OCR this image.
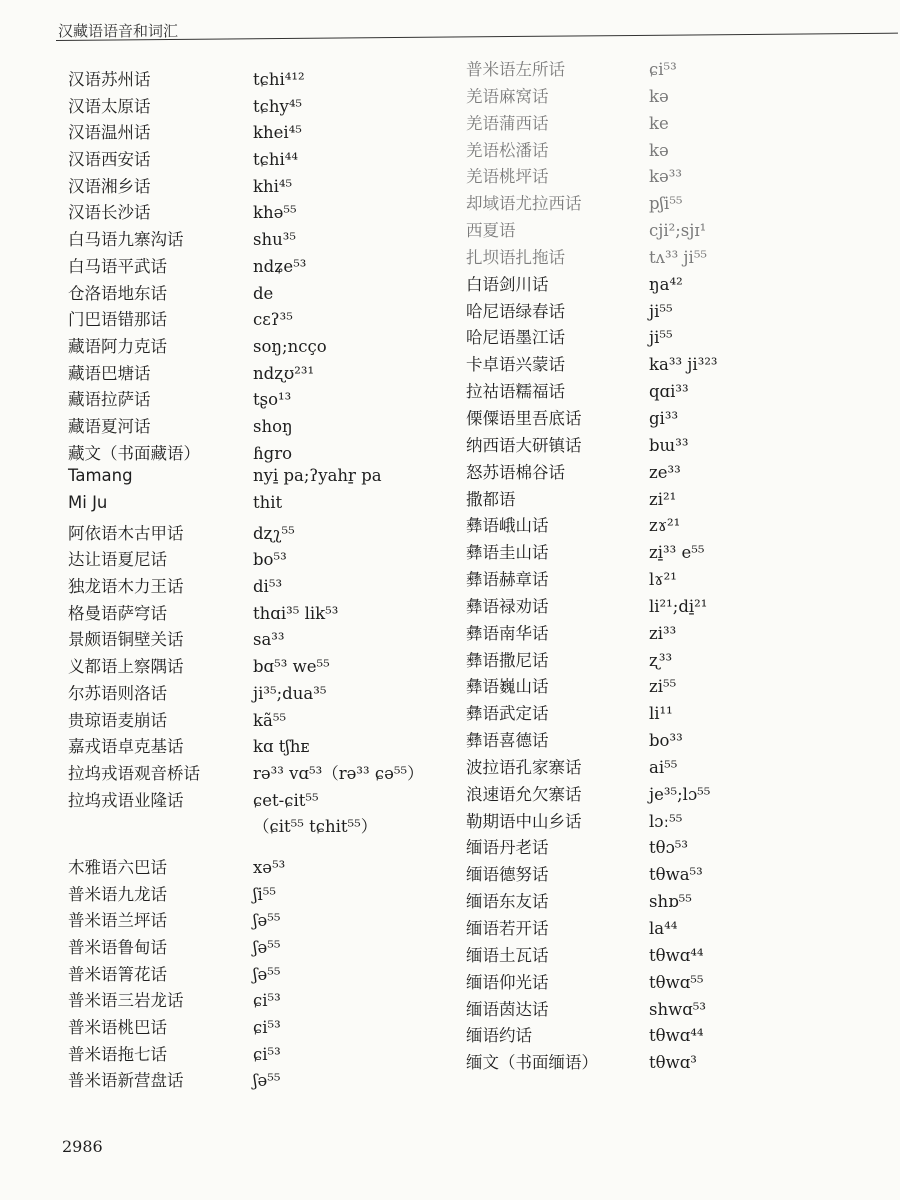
汉藏语语音和词汇
汉语苏州话	tɕhi⁴¹²
汉语太原话	tɕhy⁴⁵
汉语温州话	khei⁴⁵
汉语西安话	tɕhi⁴⁴
汉语湘乡话	khi⁴⁵
汉语长沙话	khə⁵⁵
白马语九寨沟话	shu³⁵
白马语平武话	ndʑe⁵³
仓洛语地东话	de
门巴语错那话	cɛʔ³⁵
藏语阿力克话	soŋ;ncço
藏语巴塘话	ndʐʊ²³¹
藏语拉萨话	tʂo¹³
藏语夏河话	shoŋ
藏文（书面藏语）	ɦgro
Tamang	nyi̱ pa;ʔyahṟ pa
Mi Ju	thit
阿依语木古甲话	dʐʅ⁵⁵
达让语夏尼话	bo⁵³
独龙语木力王话	di⁵³
格曼语萨穹话	thɑi³⁵ lik⁵³
景颇语铜壁关话	sa³³
义都语上察隅话	bɑ⁵³ we⁵⁵
尔苏语则洛话	ji³⁵;dua³⁵
贵琼语麦崩话	kã⁵⁵
嘉戎语卓克基话	kɑ tʃhᴇ
拉坞戎语观音桥话	rə³³ vɑ⁵³（rə³³ ɕə⁵⁵）
拉坞戎语业隆话	ɕet-ɕit⁵⁵
（ɕit⁵⁵ tɕhit⁵⁵）
木雅语六巴话	xə⁵³
普米语九龙话	ʃi⁵⁵
普米语兰坪话	ʃə⁵⁵
普米语鲁甸话	ʃə⁵⁵
普米语箐花话	ʃə⁵⁵
普米语三岩龙话	ɕi⁵³
普米语桃巴话	ɕi⁵³
普米语拖七话	ɕi⁵³
普米语新营盘话	ʃə⁵⁵
普米语左所话	ɕi⁵³
羌语麻窝话	kə
羌语蒲西话	ke
羌语松潘话	kə
羌语桃坪话	kə³³
却域语尤拉西话	pʃi⁵⁵
西夏语	cji²;sjɪ¹
扎坝语扎拖话	tʌ³³ ji⁵⁵
白语剑川话	ŋa⁴²
哈尼语绿春话	ji⁵⁵
哈尼语墨江话	ji⁵⁵
卡卓语兴蒙话	ka³³ ji³²³
拉祜语糯福话	qɑi³³
傈僳语里吾底话	gi³³
纳西语大研镇话	bɯ³³
怒苏语棉谷话	ze³³
撒都语	zi²¹
彝语峨山话	zɤ²¹
彝语圭山话	zi̱³³ e⁵⁵
彝语赫章话	lɤ²¹
彝语禄劝话	li²¹;di̱²¹
彝语南华话	zi³³
彝语撒尼话	ʐ³³
彝语巍山话	zi⁵⁵
彝语武定话	li¹¹
彝语喜德话	bo³³
波拉语孔家寨话	ai⁵⁵
浪速语允欠寨话	je³⁵;lɔ⁵⁵
勒期语中山乡话	lɔː⁵⁵
缅语丹老话	tθɔ⁵³
缅语德努话	tθwa⁵³
缅语东友话	shɒ⁵⁵
缅语若开话	la⁴⁴
缅语土瓦话	tθwɑ⁴⁴
缅语仰光话	tθwɑ⁵⁵
缅语茵达话	shwɑ⁵³
缅语约话	tθwɑ⁴⁴
缅文（书面缅语）	tθwɑ³
2986
